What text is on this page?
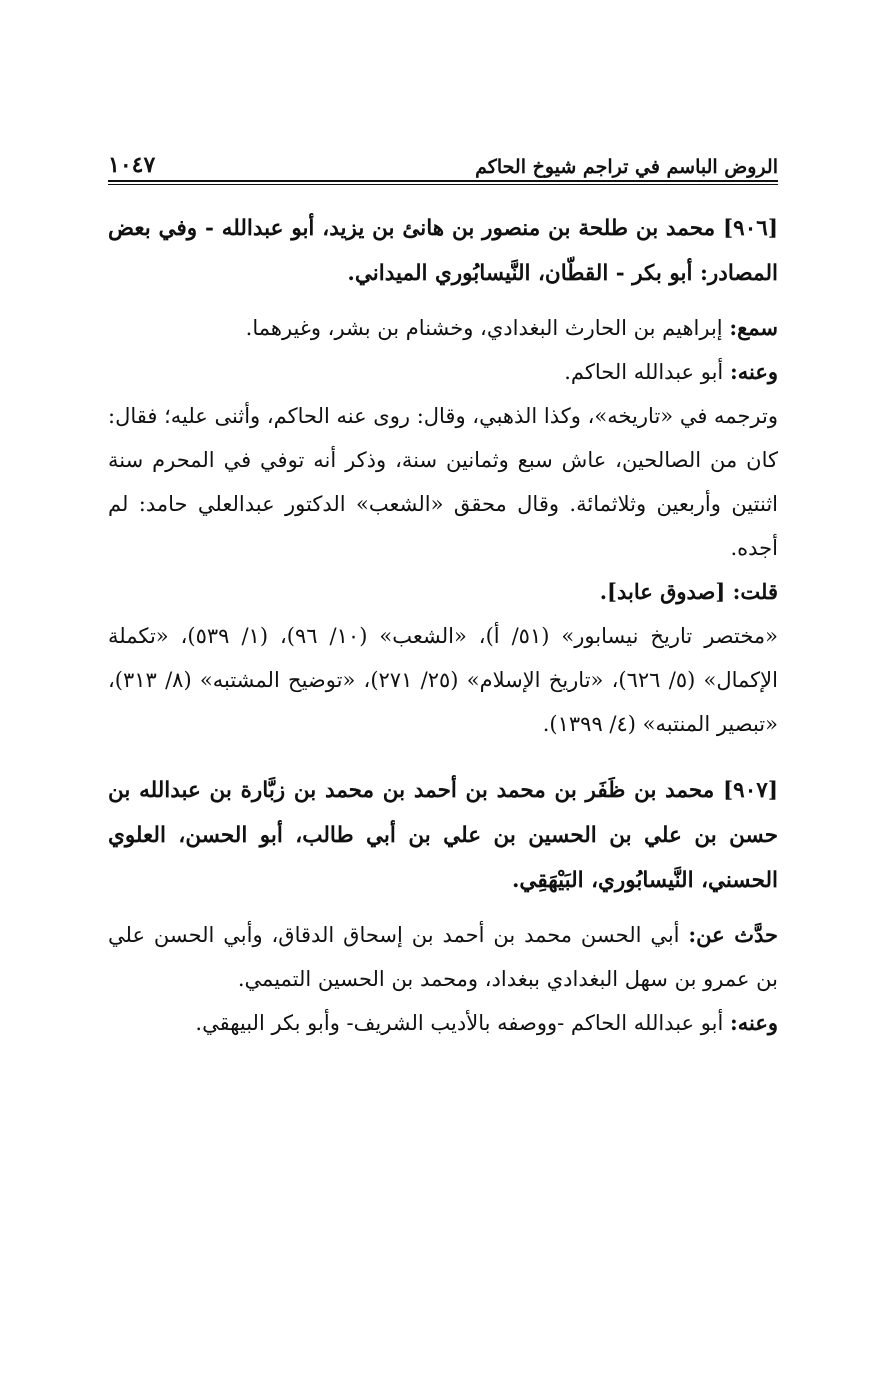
الروض الباسم في تراجم شيوخ الحاكم
١٠٤٧

[٩٠٦] محمد بن طلحة بن منصور بن هانئ بن يزيد، أبو عبدالله - وفي بعض المصادر: أبو بكر - القطّان، النَّيسابُوري الميداني.

سمع: إبراهيم بن الحارث البغدادي، وخشنام بن بشر، وغيرهما.

وعنه: أبو عبدالله الحاكم.

وترجمه في «تاريخه»، وكذا الذهبي، وقال: روى عنه الحاكم، وأثنى عليه؛ فقال: كان من الصالحين، عاش سبع وثمانين سنة، وذكر أنه توفي في المحرم سنة اثنتين وأربعين وثلاثمائة. وقال محقق «الشعب» الدكتور عبدالعلي حامد: لم أجده.

قلت: [صدوق عابد].

«مختصر تاريخ نيسابور» (٥١/ أ)، «الشعب» (١٠/ ٩٦)، (١/ ٥٣٩)، «تكملة الإكمال» (٥/ ٦٢٦)، «تاريخ الإسلام» (٢٥/ ٢٧١)، «توضيح المشتبه» (٨/ ٣١٣)، «تبصير المنتبه» (٤/ ١٣٩٩).

[٩٠٧] محمد بن ظَفَر بن محمد بن أحمد بن محمد بن زبَّارة بن عبدالله بن حسن بن علي بن الحسين بن علي بن أبي طالب، أبو الحسن، العلوي الحسني، النَّيسابُوري، البَيْهَقِي.

حدَّث عن: أبي الحسن محمد بن أحمد بن إسحاق الدقاق، وأبي الحسن علي بن عمرو بن سهل البغدادي ببغداد، ومحمد بن الحسين التميمي.

وعنه: أبو عبدالله الحاكم -ووصفه بالأديب الشريف- وأبو بكر البيهقي.
